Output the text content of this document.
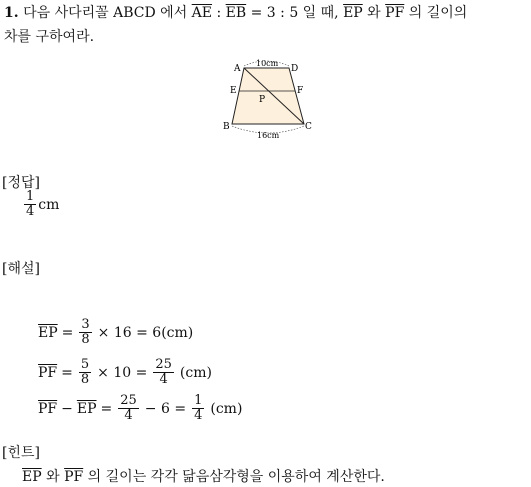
1. 다음 사다리꼴 ABCD 에서 $\overline{AE}$ : $\overline{EB} = 3$ : 5 일 때, $\overline{EP}$ 와 $\overline{PF}$ 의 길이의
차를 구하여라.
A	D
E	F
P
B	C
10cm
16cm
[정답]
$\frac{1}{4}$ cm
[해설]
$\overline{EP} = \frac{3}{8} \times 16 = 6(cm)$
$\overline{PF} = \frac{5}{8} \times 10 = \frac{25}{4} (cm)$
$\overline{PF} - \overline{EP} = \frac{25}{4} - 6 = \frac{1}{4} (cm)$
[힌트]
$\overline{EP}$ 와 $\overline{PF}$ 의 길이는 각각 닮음삼각형을 이용하여 계산한다.
